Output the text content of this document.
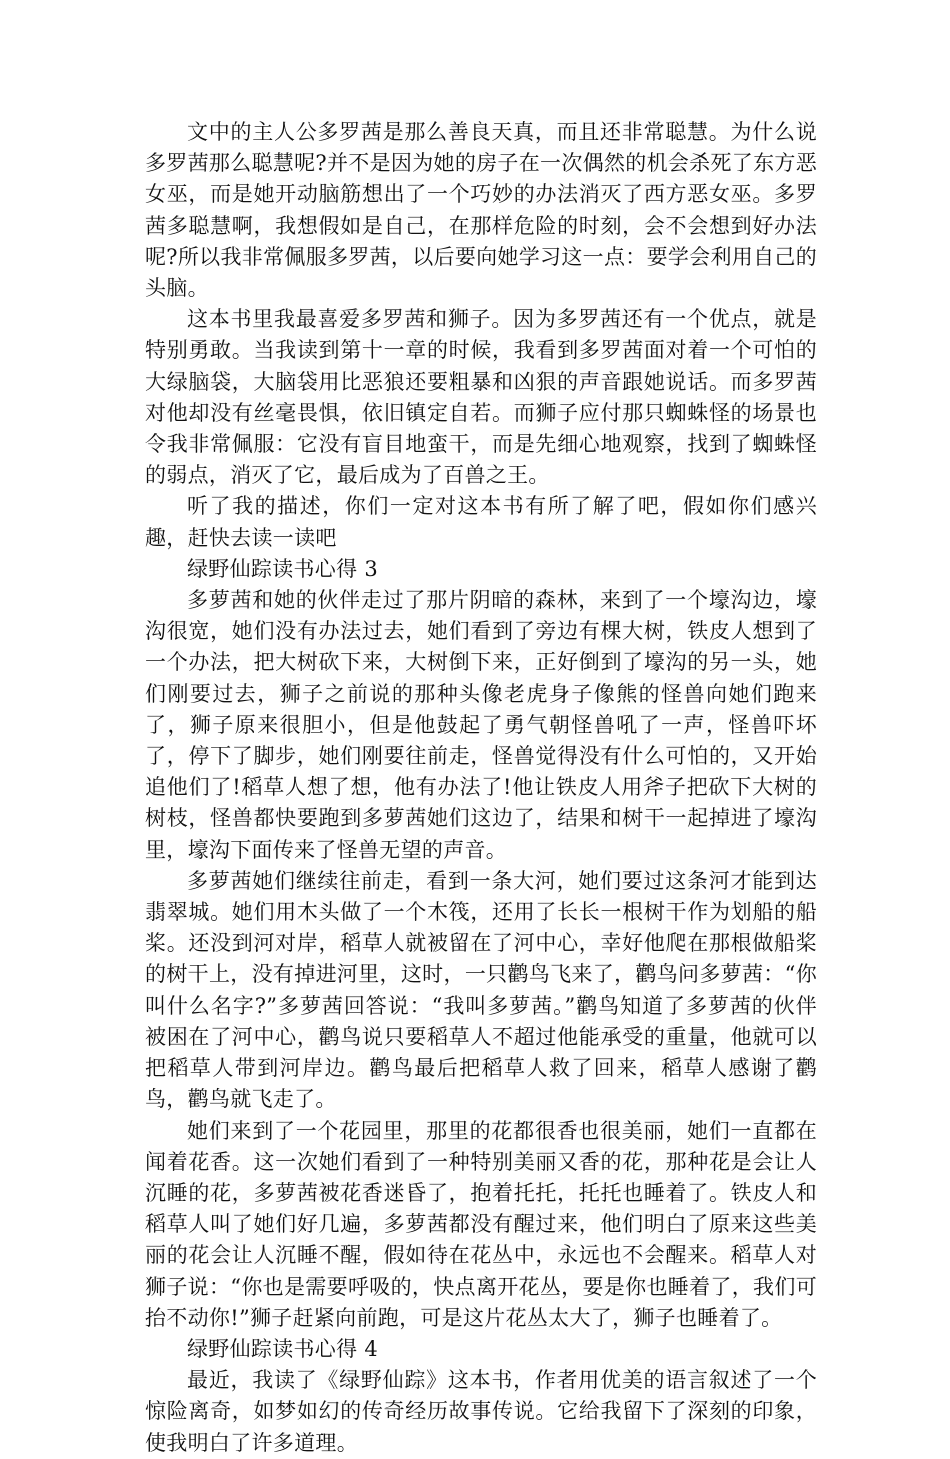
文中的主人公多罗茜是那么善良天真，而且还非常聪慧。为什么说多罗茜那么聪慧呢?并不是因为她的房子在一次偶然的机会杀死了东方恶女巫，而是她开动脑筋想出了一个巧妙的办法消灭了西方恶女巫。多罗茜多聪慧啊，我想假如是自己，在那样危险的时刻，会不会想到好办法呢?所以我非常佩服多罗茜，以后要向她学习这一点：要学会利用自己的头脑。

这本书里我最喜爱多罗茜和狮子。因为多罗茜还有一个优点，就是特别勇敢。当我读到第十一章的时候，我看到多罗茜面对着一个可怕的大绿脑袋，大脑袋用比恶狼还要粗暴和凶狠的声音跟她说话。而多罗茜对他却没有丝毫畏惧，依旧镇定自若。而狮子应付那只蜘蛛怪的场景也令我非常佩服：它没有盲目地蛮干，而是先细心地观察，找到了蜘蛛怪的弱点，消灭了它，最后成为了百兽之王。

听了我的描述，你们一定对这本书有所了解了吧，假如你们感兴趣，赶快去读一读吧

绿野仙踪读书心得 3

多萝茜和她的伙伴走过了那片阴暗的森林，来到了一个壕沟边，壕沟很宽，她们没有办法过去，她们看到了旁边有棵大树，铁皮人想到了一个办法，把大树砍下来，大树倒下来，正好倒到了壕沟的另一头，她们刚要过去，狮子之前说的那种头像老虎身子像熊的怪兽向她们跑来了，狮子原来很胆小，但是他鼓起了勇气朝怪兽吼了一声，怪兽吓坏了，停下了脚步，她们刚要往前走，怪兽觉得没有什么可怕的，又开始追他们了!稻草人想了想，他有办法了!他让铁皮人用斧子把砍下大树的树枝，怪兽都快要跑到多萝茜她们这边了，结果和树干一起掉进了壕沟里，壕沟下面传来了怪兽无望的声音。

多萝茜她们继续往前走，看到一条大河，她们要过这条河才能到达翡翠城。她们用木头做了一个木筏，还用了长长一根树干作为划船的船桨。还没到河对岸，稻草人就被留在了河中心，幸好他爬在那根做船桨的树干上，没有掉进河里，这时，一只鹳鸟飞来了，鹳鸟问多萝茜：“你叫什么名字?”多萝茜回答说：“我叫多萝茜。”鹳鸟知道了多萝茜的伙伴被困在了河中心，鹳鸟说只要稻草人不超过他能承受的重量，他就可以把稻草人带到河岸边。鹳鸟最后把稻草人救了回来，稻草人感谢了鹳鸟，鹳鸟就飞走了。

她们来到了一个花园里，那里的花都很香也很美丽，她们一直都在闻着花香。这一次她们看到了一种特别美丽又香的花，那种花是会让人沉睡的花，多萝茜被花香迷昏了，抱着托托，托托也睡着了。铁皮人和稻草人叫了她们好几遍，多萝茜都没有醒过来，他们明白了原来这些美丽的花会让人沉睡不醒，假如待在花丛中，永远也不会醒来。稻草人对狮子说：“你也是需要呼吸的，快点离开花丛，要是你也睡着了，我们可抬不动你!”狮子赶紧向前跑，可是这片花丛太大了，狮子也睡着了。

绿野仙踪读书心得 4

最近，我读了《绿野仙踪》这本书，作者用优美的语言叙述了一个惊险离奇，如梦如幻的传奇经历故事传说。它给我留下了深刻的印象，使我明白了许多道理。
